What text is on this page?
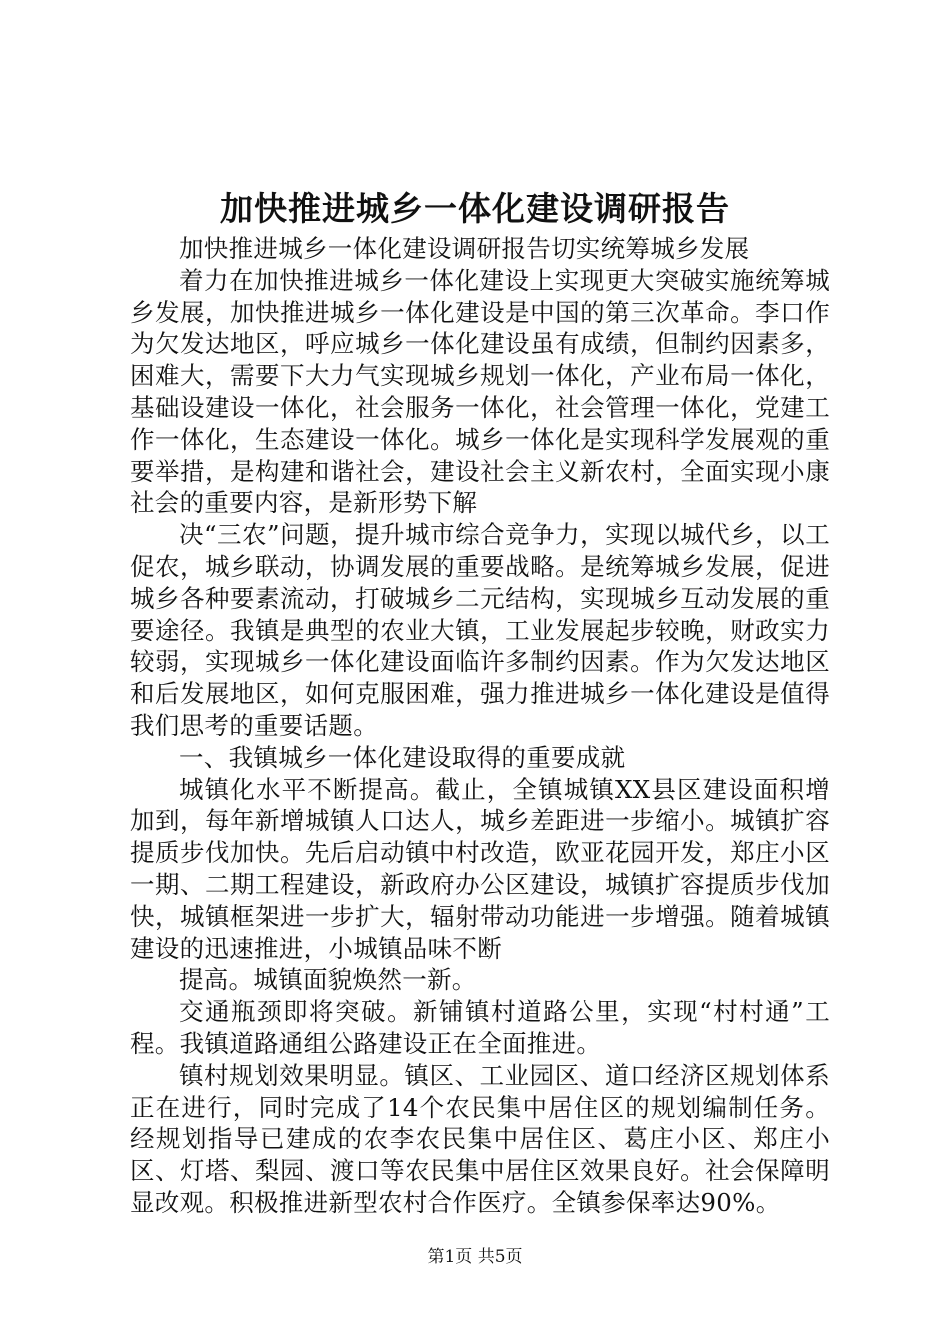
加快推进城乡一体化建设调研报告

加快推进城乡一体化建设调研报告切实统筹城乡发展

着力在加快推进城乡一体化建设上实现更大突破实施统筹城乡发展，加快推进城乡一体化建设是中国的第三次革命。李口作为欠发达地区，呼应城乡一体化建设虽有成绩，但制约因素多，困难大，需要下大力气实现城乡规划一体化，产业布局一体化，基础设建设一体化，社会服务一体化，社会管理一体化，党建工作一体化，生态建设一体化。城乡一体化是实现科学发展观的重要举措，是构建和谐社会，建设社会主义新农村，全面实现小康社会的重要内容，是新形势下解

决“三农”问题，提升城市综合竞争力，实现以城代乡，以工促农，城乡联动，协调发展的重要战略。是统筹城乡发展，促进城乡各种要素流动，打破城乡二元结构，实现城乡互动发展的重要途径。我镇是典型的农业大镇，工业发展起步较晚，财政实力较弱，实现城乡一体化建设面临许多制约因素。作为欠发达地区和后发展地区，如何克服困难，强力推进城乡一体化建设是值得我们思考的重要话题。

一、我镇城乡一体化建设取得的重要成就

城镇化水平不断提高。截止，全镇城镇XX县区建设面积增加到，每年新增城镇人口达人，城乡差距进一步缩小。城镇扩容提质步伐加快。先后启动镇中村改造，欧亚花园开发，郑庄小区一期、二期工程建设，新政府办公区建设，城镇扩容提质步伐加快，城镇框架进一步扩大，辐射带动功能进一步增强。随着城镇建设的迅速推进，小城镇品味不断

提高。城镇面貌焕然一新。

交通瓶颈即将突破。新铺镇村道路公里，实现“村村通”工程。我镇道路通组公路建设正在全面推进。

镇村规划效果明显。镇区、工业园区、道口经济区规划体系正在进行，同时完成了14个农民集中居住区的规划编制任务。经规划指导已建成的农李农民集中居住区、葛庄小区、郑庄小区、灯塔、梨园、渡口等农民集中居住区效果良好。社会保障明显改观。积极推进新型农村合作医疗。全镇参保率达90%。

第1页 共5页
